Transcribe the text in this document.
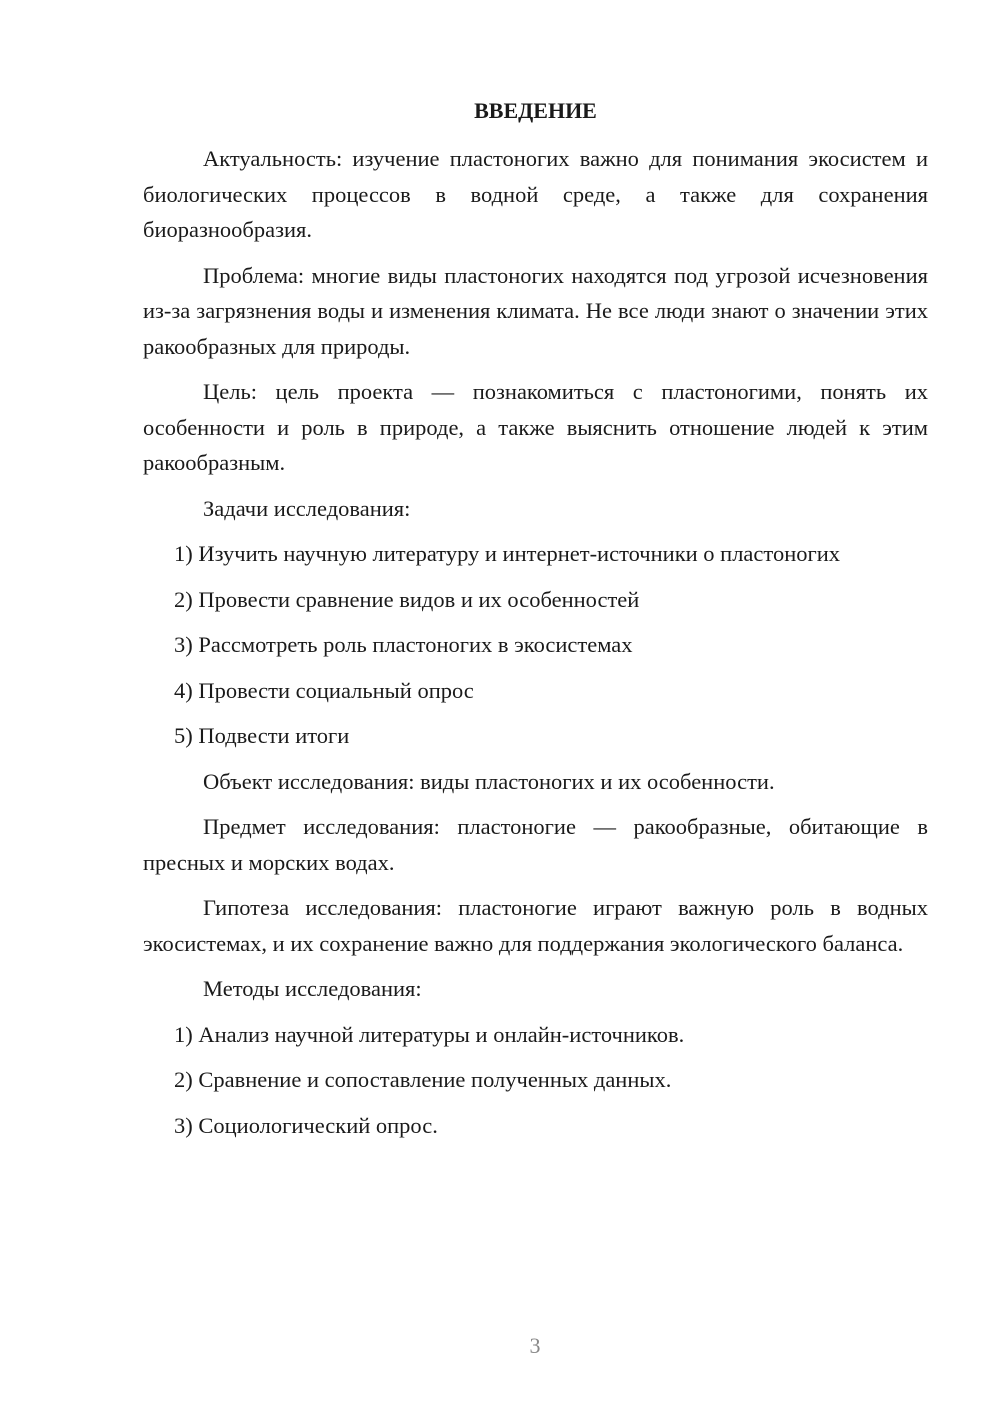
ВВЕДЕНИЕ

Актуальность: изучение пластоногих важно для понимания экосистем и биологических процессов в водной среде, а также для сохранения биоразнообразия.

Проблема: многие виды пластоногих находятся под угрозой исчезновения из-за загрязнения воды и изменения климата. Не все люди знают о значении этих ракообразных для природы.

Цель: цель проекта — познакомиться с пластоногими, понять их особенности и роль в природе, а также выяснить отношение людей к этим ракообразным.

Задачи исследования:

1) Изучить научную литературу и интернет-источники о пластоногих
2) Провести сравнение видов и их особенностей
3) Рассмотреть роль пластоногих в экосистемах
4) Провести социальный опрос
5) Подвести итоги

Объект исследования: виды пластоногих и их особенности.

Предмет исследования: пластоногие — ракообразные, обитающие в пресных и морских водах.

Гипотеза исследования: пластоногие играют важную роль в водных экосистемах, и их сохранение важно для поддержания экологического баланса.

Методы исследования:

1) Анализ научной литературы и онлайн-источников.
2) Сравнение и сопоставление полученных данных.
3) Социологический опрос.
3
